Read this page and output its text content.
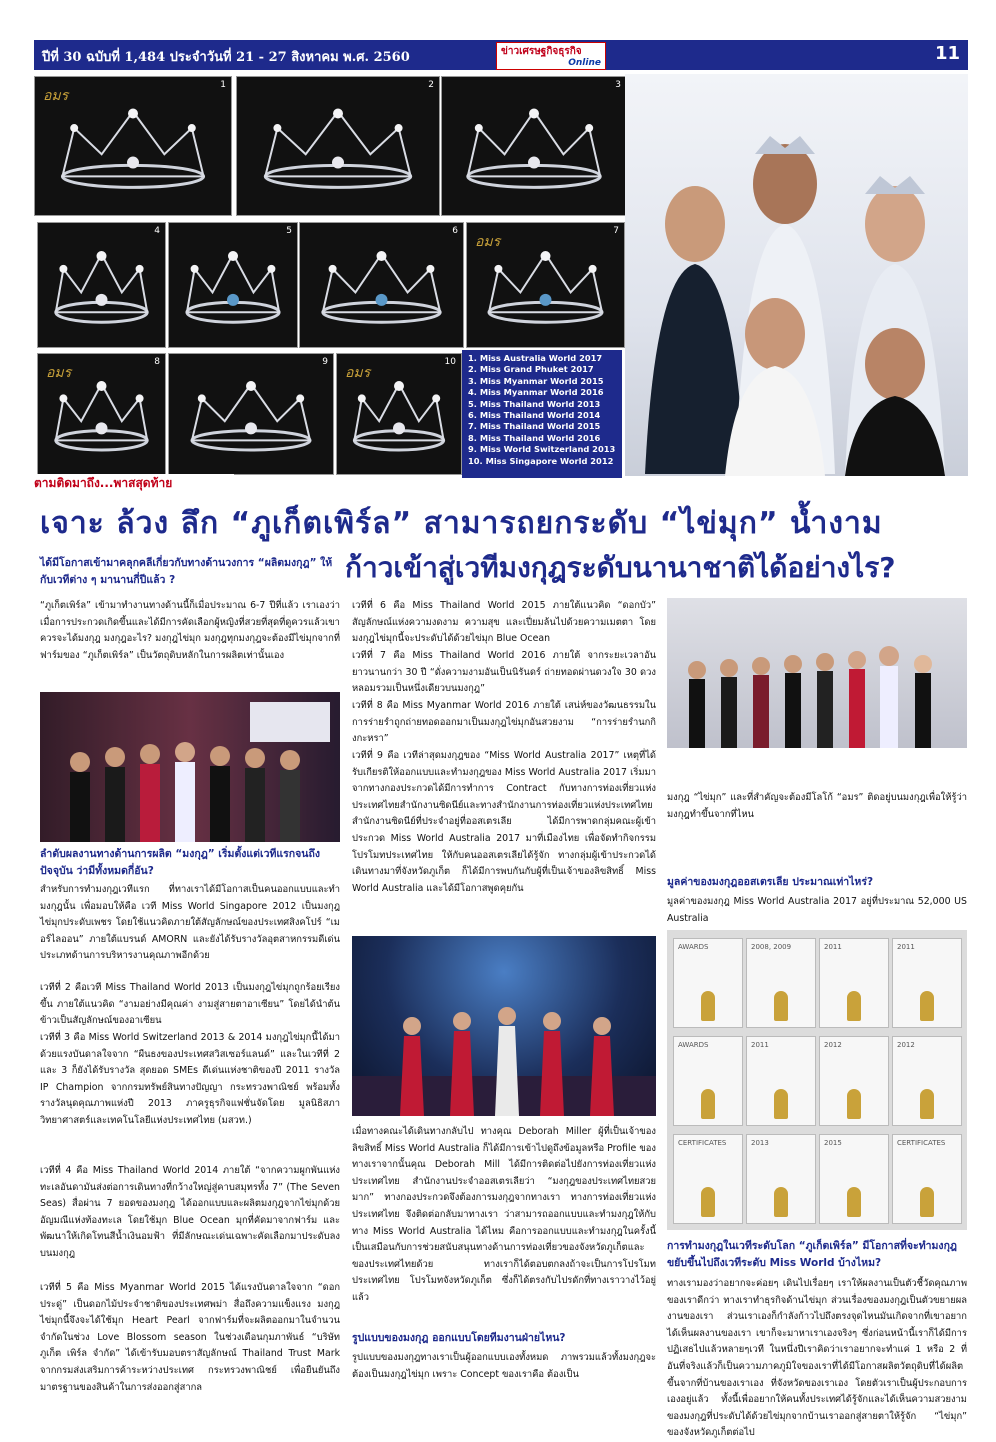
ปีที่ 30 ฉบับที่ 1,484 ประจำวันที่ 21 - 27 สิงหาคม พ.ศ. 2560	ข่าวเศรษฐกิจธุรกิจ
Online	11
1
อมร
2	3
4	5	6	7
อมร
8
อมร
9	10
อมร
1. Miss Australia World 2017
2. Miss Grand Phuket 2017
3. Miss Myanmar World 2015
4. Miss Myanmar World 2016
5. Miss Thailand World 2013
6. Miss Thailand World 2014
7. Miss Thailand World 2015
8. Miss Thailand World 2016
9. Miss World Switzerland 2013
10. Miss Singapore World 2012
ตามติดมาถึง...พาสสุดท้าย
เจาะ ล้วง ลึก “ภูเก็ตเพิร์ล” สามารถยกระดับ “ไข่มุก” น้ำงาม
ก้าวเข้าสู่เวทีมงกุฎระดับนานาชาติได้อย่างไร?
ได้มีโอกาสเข้ามาคลุกคลีเกี่ยวกับทางด้านวงการ “ผลิตมงกุฎ” ให้กับเวทีต่าง ๆ มานานกี่ปีแล้ว ?
“ภูเก็ตเพิร์ล” เข้ามาทำงานทางด้านนี้ก็เมื่อประมาณ 6-7 ปีที่แล้ว เราเองว่าเมื่อการประกวดเกิดขึ้นและได้มีการคัดเลือกผู้หญิงที่สวยที่สุดที่ดูควรแล้วเขาควรจะได้มงกุฎ มงกุฎอะไร? มงกุฎไข่มุก มงกุฎทุกมงกุฎจะต้องมีไข่มุกจากที่ฟาร์มของ “ภูเก็ตเพิร์ล” เป็นวัตถุดิบหลักในการผลิตเท่านั้นเอง
ลำดับผลงานทางด้านการผลิต “มงกุฎ” เริ่มตั้งแต่เวทีแรกจนถึงปัจจุบัน ว่ามีทั้งหมดกี่อัน?
สำหรับการทำมงกุฎเวทีแรก ที่ทางเราได้มีโอกาสเป็นคนออกแบบและทำมงกุฎนั้น เพื่อมอบให้คือ เวที Miss World Singapore 2012 เป็นมงกุฎไข่มุกประดับเพชร โดยใช้แนวคิดภายใต้สัญลักษณ์ของประเทศสิงคโปร์ “เมอร์ไลออน” ภายใต้แบรนด์ AMORN และยังได้รับรางวัลอุตสาหกรรมดีเด่นประเภทด้านการบริหารงานคุณภาพอีกด้วย
เวทีที่ 2 คือเวที Miss Thailand World 2013 เป็นมงกุฎไข่มุกถูกร้อยเรียงขึ้น ภายใต้แนวคิด “งามอย่างมีคุณค่า งามสู่สายตาอาเซียน” โดยได้นำต้นข้าวเป็นสัญลักษณ์ของอาเซียน
เวทีที่ 3 คือ Miss World Switzerland 2013 & 2014 มงกุฎไข่มุกนี้ได้มาด้วยแรงบันดาลใจจาก “ผืนธงของประเทศสวิสเซอร์แลนด์” และในเวทีที่ 2 และ 3 ก็ยังได้รับรางวัล สุดยอด SMEs ดีเด่นแห่งชาติของปี 2011 รางวัล IP Champion จากกรมทรัพย์สินทางปัญญา กระทรวงพาณิชย์ พร้อมทั้งรางวัลนุดคุณภาพแห่งปี 2013 ภาครูธุรกิจแฟชั่นจัดโดย มูลนิธิสภาวิทยาศาสตร์และเทคโนโลยีแห่งประเทศไทย (มสวท.)
เวทีที่ 4 คือ Miss Thailand World 2014 ภายใต้ “จากความผูกพันแห่งทะเลอันดามันส่งต่อการเดินทางที่กว้างใหญ่สู่คาบสมุทรทั้ง 7” (The Seven Seas) สื่อผ่าน 7 ยอดของมงกุฎ ได้ออกแบบและผลิตมงกุฎจากไข่มุกด้วย อัญมณีแห่งท้องทะเล โดยใช้มุก Blue Ocean มุกที่คัดมาจากฟาร์ม และพัฒนาให้เกิดโทนสีน้ำเงินอมฟ้า ที่มีลักษณะเด่นเฉพาะคัดเลือกมาประดับลงบนมงกุฎ
เวทีที่ 5 คือ Miss Myanmar World 2015 ได้แรงบันดาลใจจาก “ดอกประดู่” เป็นดอกไม้ประจำชาติของประเทศพม่า สื่อถึงความแข็งแรง มงกุฎไข่มุกนี้จึงจะได้ใช้มุก Heart Pearl จากฟาร์มที่จะผลิตออกมาในจำนวนจำกัดในช่วง Love Blossom season ในช่วงเดือนกุมภาพันธ์ “บริษัท ภูเก็ต เพิร์ล จำกัด” ได้เข้ารับมอบตราสัญลักษณ์ Thailand Trust Mark จากกรมส่งเสริมการค้าระหว่างประเทศ กระทรวงพาณิชย์ เพื่อยืนยันถึงมาตรฐานของสินค้าในการส่งออกสู่สากล
เวทีที่ 6 คือ Miss Thailand World 2015 ภายใต้แนวคิด “ดอกบัว” สัญลักษณ์แห่งความงดงาม ความสุข และเปี่ยมล้นไปด้วยความเมตตา โดยมงกุฎไข่มุกนี้จะประดับได้ด้วยไข่มุก Blue Ocean
เวทีที่ 7 คือ Miss Thailand World 2016 ภายใต้ จากระยะเวลาอันยาวนานกว่า 30 ปี “ดั่งความงามอันเป็นนิรันดร์ ถ่ายทอดผ่านดวงใจ 30 ดวง หลอมรวมเป็นหนึ่งเดียวบนมงกุฎ”
เวทีที่ 8 คือ Miss Myanmar World 2016 ภายใต้ เสน่ห์ของวัฒนธรรมในการร่ายรำถูกถ่ายทอดออกมาเป็นมงกุฎไข่มุกอันสวยงาม “การร่ายรำนกกิงกะหรา”
เวทีที่ 9 คือ เวทีล่าสุดมงกุฎของ “Miss World Australia 2017” เหตุที่ได้รับเกียรติให้ออกแบบและทำมงกุฎของ Miss World Australia 2017 เริ่มมาจากทางกองประกวดได้มีการทำการ Contract กับทางการท่องเที่ยวแห่งประเทศไทยสำนักงานซิดนีย์และทางสำนักงานการท่องเที่ยวแห่งประเทศไทย สำนักงานซิดนีย์ที่ประจำอยู่ที่ออสเตรเลีย ได้มีการพาดกลุ่มคณะผู้เข้าประกวด Miss World Australia 2017 มาที่เมืองไทย เพื่อจัดทำกิจกรรมโปรโมทประเทศไทย ให้กับคนออสเตรเลียได้รู้จัก ทางกลุ่มผู้เข้าประกวดได้เดินทางมาที่จังหวัดภูเก็ต ก็ได้มีการพบกันกับผู้ที่เป็นเจ้าของลิขสิทธิ์ Miss World Australia และได้มีโอกาสพูดคุยกัน
เมื่อทางคณะได้เดินทางกลับไป ทางคุณ Deborah Miller ผู้ที่เป็นเจ้าของลิขสิทธิ์ Miss World Australia ก็ได้มีการเข้าไปดูถึงข้อมูลหรือ Profile ของทางเราจากนั้นคุณ Deborah Mill ได้มีการติดต่อไปยังการท่องเที่ยวแห่งประเทศไทย สำนักงานประจำออสเตรเลียว่า “มงกุฎของประเทศไทยสวยมาก” ทางกองประกวดจึงต้องการมงกุฎจากทางเรา ทางการท่องเที่ยวแห่งประเทศไทย จึงติดต่อกลับมาทางเรา ว่าสามารถออกแบบและทำมงกุฎให้กับทาง Miss World Australia ได้ไหม คือการออกแบบและทำมงกุฎในครั้งนี้ เป็นเสมือนกับการช่วยสนับสนุนทางด้านการท่องเที่ยวของจังหวัดภูเก็ตและของประเทศไทยด้วย ทางเราก็ได้ตอบตกลงถ้าจะเป็นการโปรโมทประเทศไทย โปรโมทจังหวัดภูเก็ต ซึ่งก็ได้ตรงกับไปรดักที่ทางเราวางไว้อยู่แล้ว
รูปแบบของมงกุฎ ออกแบบโดยทีมงานฝ่ายไหน?
รูปแบบของมงกุฎทางเราเป็นผู้ออกแบบเองทั้งหมด ภาพรวมแล้วทั้งมงกุฎจะต้องเป็นมงกุฎไข่มุก เพราะ Concept ของเราคือ ต้องเป็น
มงกุฎ “ไข่มุก” และที่สำคัญจะต้องมีโลโก้ “อมร” ติดอยู่บนมงกุฎเพื่อให้รู้ว่ามงกุฎทำขึ้นจากที่ไหน
มูลค่าของมงกุฎออสเตรเลีย ประมาณเท่าไหร่?
มูลค่าของมงกุฎ Miss World Australia 2017 อยู่ที่ประมาณ 52,000 US Australia
AWARDS	2008, 2009	2011	2011
AWARDS	2011	2012	2012
CERTIFICATES	2013	2015	CERTIFICATES
การทำมงกุฎในเวทีระดับโลก “ภูเก็ตเพิร์ล” มีโอกาสที่จะทำมงกุฎขยับขึ้นไปถึงเวทีระดับ Miss World บ้างไหม?
ทางเรามองว่าอยากจะค่อยๆ เดินไปเรื่อยๆ เราให้ผลงานเป็นตัวชี้วัดคุณภาพของเราดีกว่า ทางเราทำธุรกิจด้านไข่มุก ส่วนเรื่องของมงกุฎเป็นตัวขยายผลงานของเรา ส่วนเราเองก็กำลังก้าวไปถึงตรงจุดไหนมันเกิดจากที่เขาอยากได้เห็นผลงานของเรา เขาก็จะมาหาเราเองจริงๆ ซึ่งก่อนหน้านี้เราก็ได้มีการปฏิเสธไปแล้วหลายๆเวที ในหนึ่งปีเราคิดว่าเราอยากจะทำแค่ 1 หรือ 2 ที่ อันที่จริงแล้วก็เป็นความภาคภูมิใจของเราที่ได้มีโอกาสผลิตวัตถุดิบที่ได้ผลิตขึ้นจากที่บ้านของเราเอง ที่จังหวัดของเราเอง โดยตัวเราเป็นผู้ประกอบการเองอยู่แล้ว ทั้งนี้เพื่ออยากให้คนทั้งประเทศได้รู้จักและได้เห็นความสวยงามของมงกุฎที่ประดับได้ด้วยไข่มุกจากบ้านเราออกสู่สายตาให้รู้จัก “ไข่มุก” ของจังหวัดภูเก็ตต่อไป
